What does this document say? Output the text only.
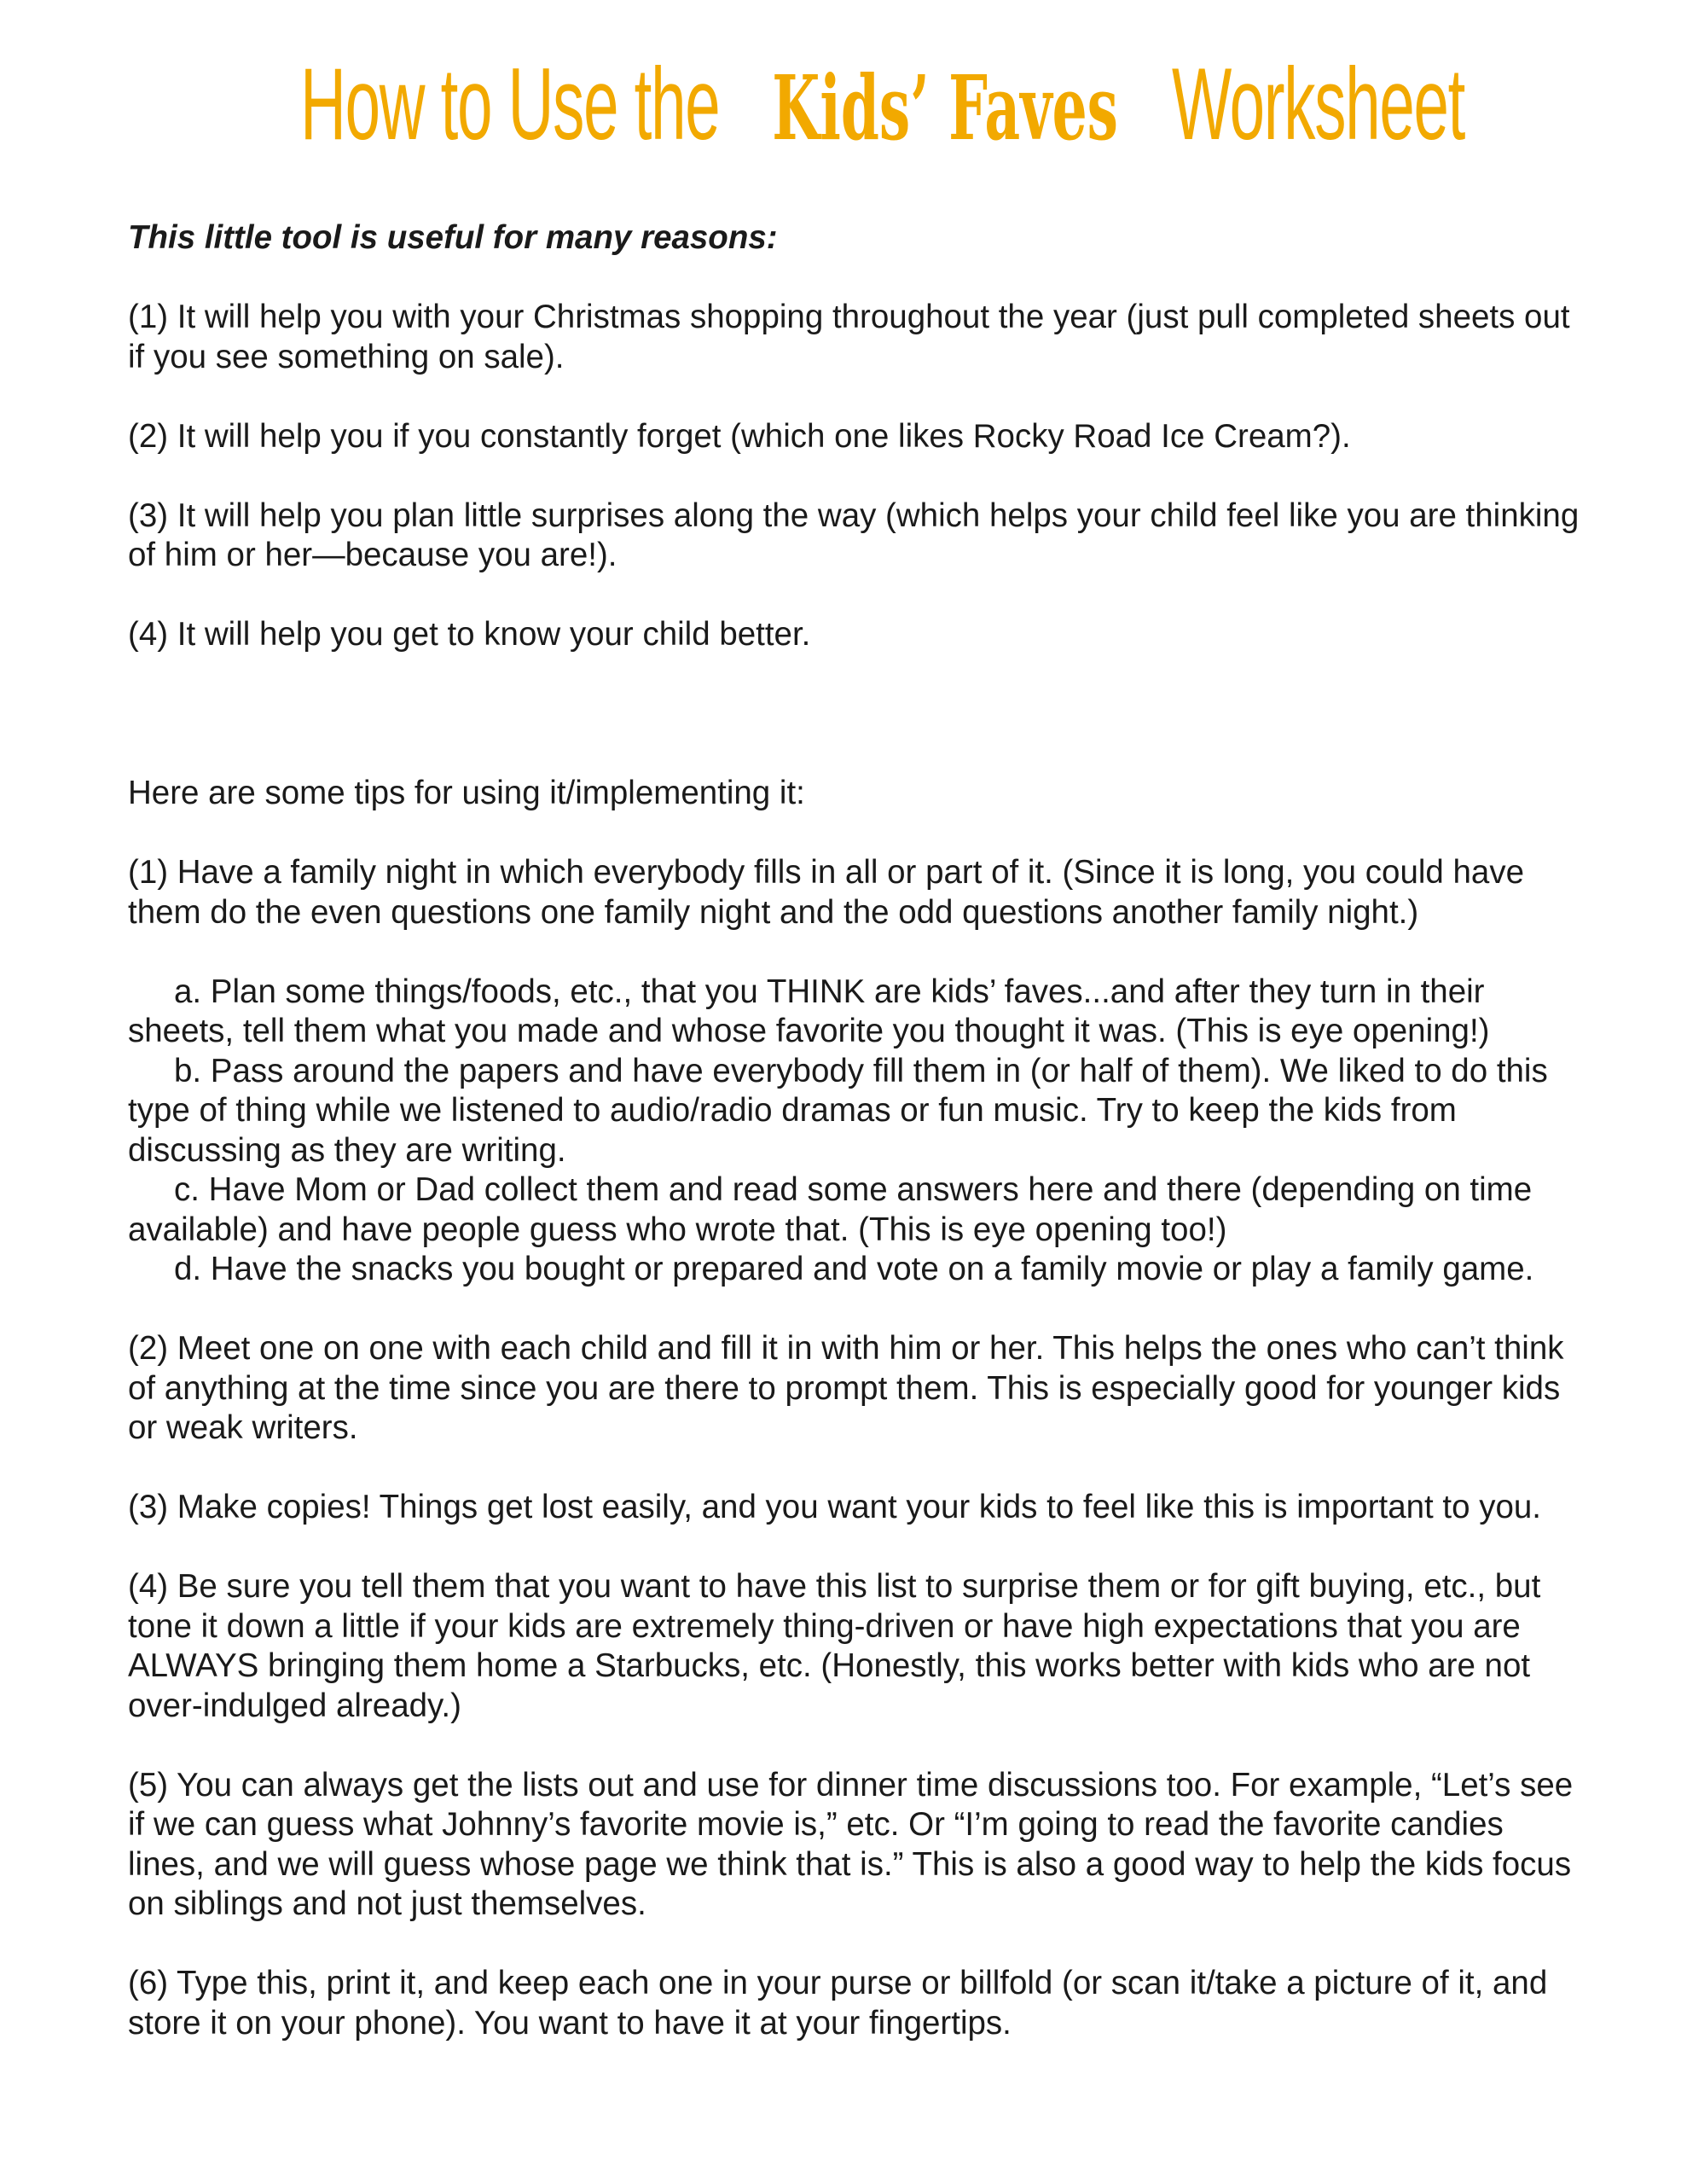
How to Use the Kids’ Faves Worksheet

This little tool is useful for many reasons:

(1) It will help you with your Christmas shopping throughout the year (just pull completed sheets out if you see something on sale).

(2) It will help you if you constantly forget (which one likes Rocky Road Ice Cream?).

(3) It will help you plan little surprises along the way (which helps your child feel like you are thinking of him or her—because you are!).

(4) It will help you get to know your child better.

Here are some tips for using it/implementing it:

(1) Have a family night in which everybody fills in all or part of it. (Since it is long, you could have them do the even questions one family night and the odd questions another family night.)

a. Plan some things/foods, etc., that you THINK are kids’ faves...and after they turn in their sheets, tell them what you made and whose favorite you thought it was. (This is eye opening!)

b. Pass around the papers and have everybody fill them in (or half of them). We liked to do this type of thing while we listened to audio/radio dramas or fun music. Try to keep the kids from discussing as they are writing.

c. Have Mom or Dad collect them and read some answers here and there (depending on time available) and have people guess who wrote that. (This is eye opening too!)

d. Have the snacks you bought or prepared and vote on a family movie or play a family game.

(2) Meet one on one with each child and fill it in with him or her. This helps the ones who can’t think of anything at the time since you are there to prompt them. This is especially good for younger kids or weak writers.

(3) Make copies! Things get lost easily, and you want your kids to feel like this is important to you.

(4) Be sure you tell them that you want to have this list to surprise them or for gift buying, etc., but tone it down a little if your kids are extremely thing-driven or have high expectations that you are ALWAYS bringing them home a Starbucks, etc. (Honestly, this works better with kids who are not over-indulged already.)

(5) You can always get the lists out and use for dinner time discussions too. For example, “Let’s see if we can guess what Johnny’s favorite movie is,” etc. Or “I’m going to read the favorite candies lines, and we will guess whose page we think that is.” This is also a good way to help the kids focus on siblings and not just themselves.

(6) Type this, print it, and keep each one in your purse or billfold (or scan it/take a picture of it, and store it on your phone). You want to have it at your fingertips.
